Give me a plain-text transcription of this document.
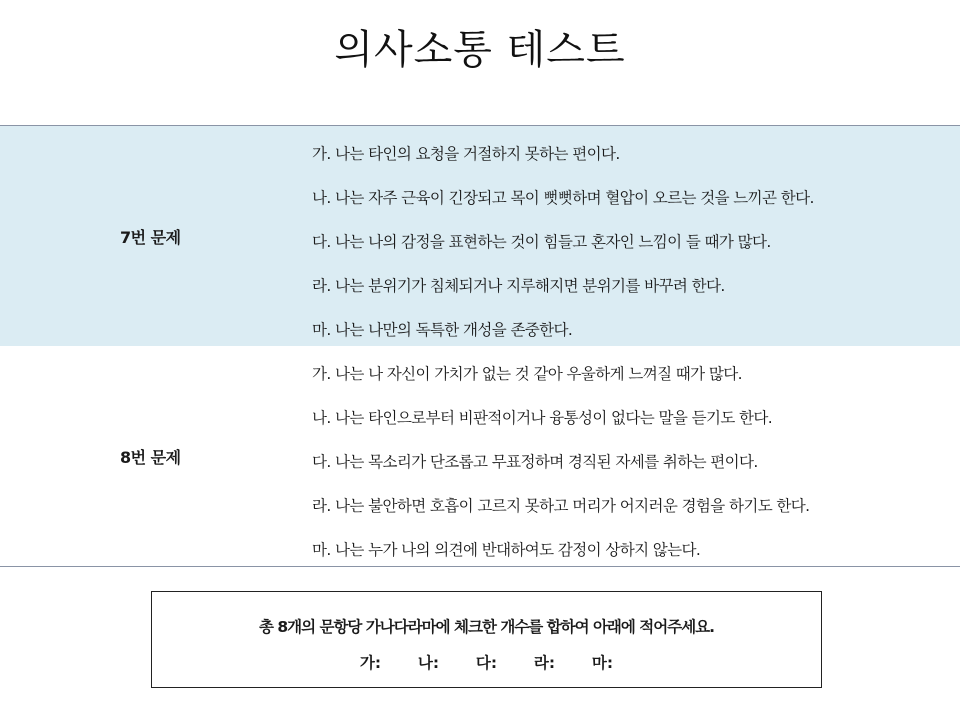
의사소통 테스트
7번 문제
가. 나는 타인의 요청을 거절하지 못하는 편이다.
나. 나는 자주 근육이 긴장되고 목이 뻣뻣하며 혈압이 오르는 것을 느끼곤 한다.
다. 나는 나의 감정을 표현하는 것이 힘들고 혼자인 느낌이 들 때가 많다.
라. 나는 분위기가 침체되거나 지루해지면 분위기를 바꾸려 한다.
마. 나는 나만의 독특한 개성을 존중한다.
8번 문제
가. 나는 나 자신이 가치가 없는 것 같아 우울하게 느껴질 때가 많다.
나. 나는 타인으로부터 비판적이거나 융통성이 없다는 말을 듣기도 한다.
다. 나는 목소리가 단조롭고 무표정하며 경직된 자세를 취하는 편이다.
라. 나는 불안하면 호흡이 고르지 못하고 머리가 어지러운 경험을 하기도 한다.
마. 나는 누가 나의 의견에 반대하여도 감정이 상하지 않는다.
총 8개의 문항당 가나다라마에 체크한 개수를 합하여 아래에 적어주세요.
가: 나: 다: 라: 마:
